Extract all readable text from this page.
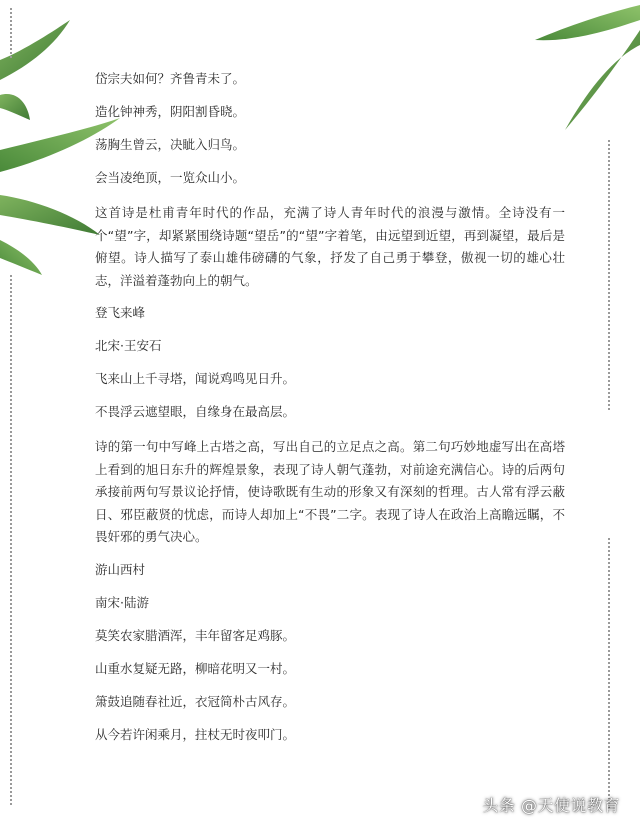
岱宗夫如何？齐鲁青未了。

造化钟神秀，阴阳割昏晓。

荡胸生曾云，决眦入归鸟。

会当凌绝顶，一览众山小。

这首诗是杜甫青年时代的作品，充满了诗人青年时代的浪漫与激情。全诗没有一个“望”字，却紧紧围绕诗题“望岳”的“望”字着笔，由远望到近望，再到凝望，最后是俯望。诗人描写了泰山雄伟磅礴的气象，抒发了自己勇于攀登，傲视一切的雄心壮志，洋溢着蓬勃向上的朝气。

登飞来峰

北宋·王安石

飞来山上千寻塔，闻说鸡鸣见日升。

不畏浮云遮望眼，自缘身在最高层。

诗的第一句中写峰上古塔之高，写出自己的立足点之高。第二句巧妙地虚写出在高塔上看到的旭日东升的辉煌景象，表现了诗人朝气蓬勃，对前途充满信心。诗的后两句承接前两句写景议论抒情，使诗歌既有生动的形象又有深刻的哲理。古人常有浮云蔽日、邪臣蔽贤的忧虑，而诗人却加上“不畏”二字。表现了诗人在政治上高瞻远瞩，不畏奸邪的勇气决心。

游山西村

南宋·陆游

莫笑农家腊酒浑，丰年留客足鸡豚。

山重水复疑无路，柳暗花明又一村。

箫鼓追随春社近，衣冠简朴古风存。

从今若许闲乘月，拄杖无时夜叩门。

头条 @天使说教育
